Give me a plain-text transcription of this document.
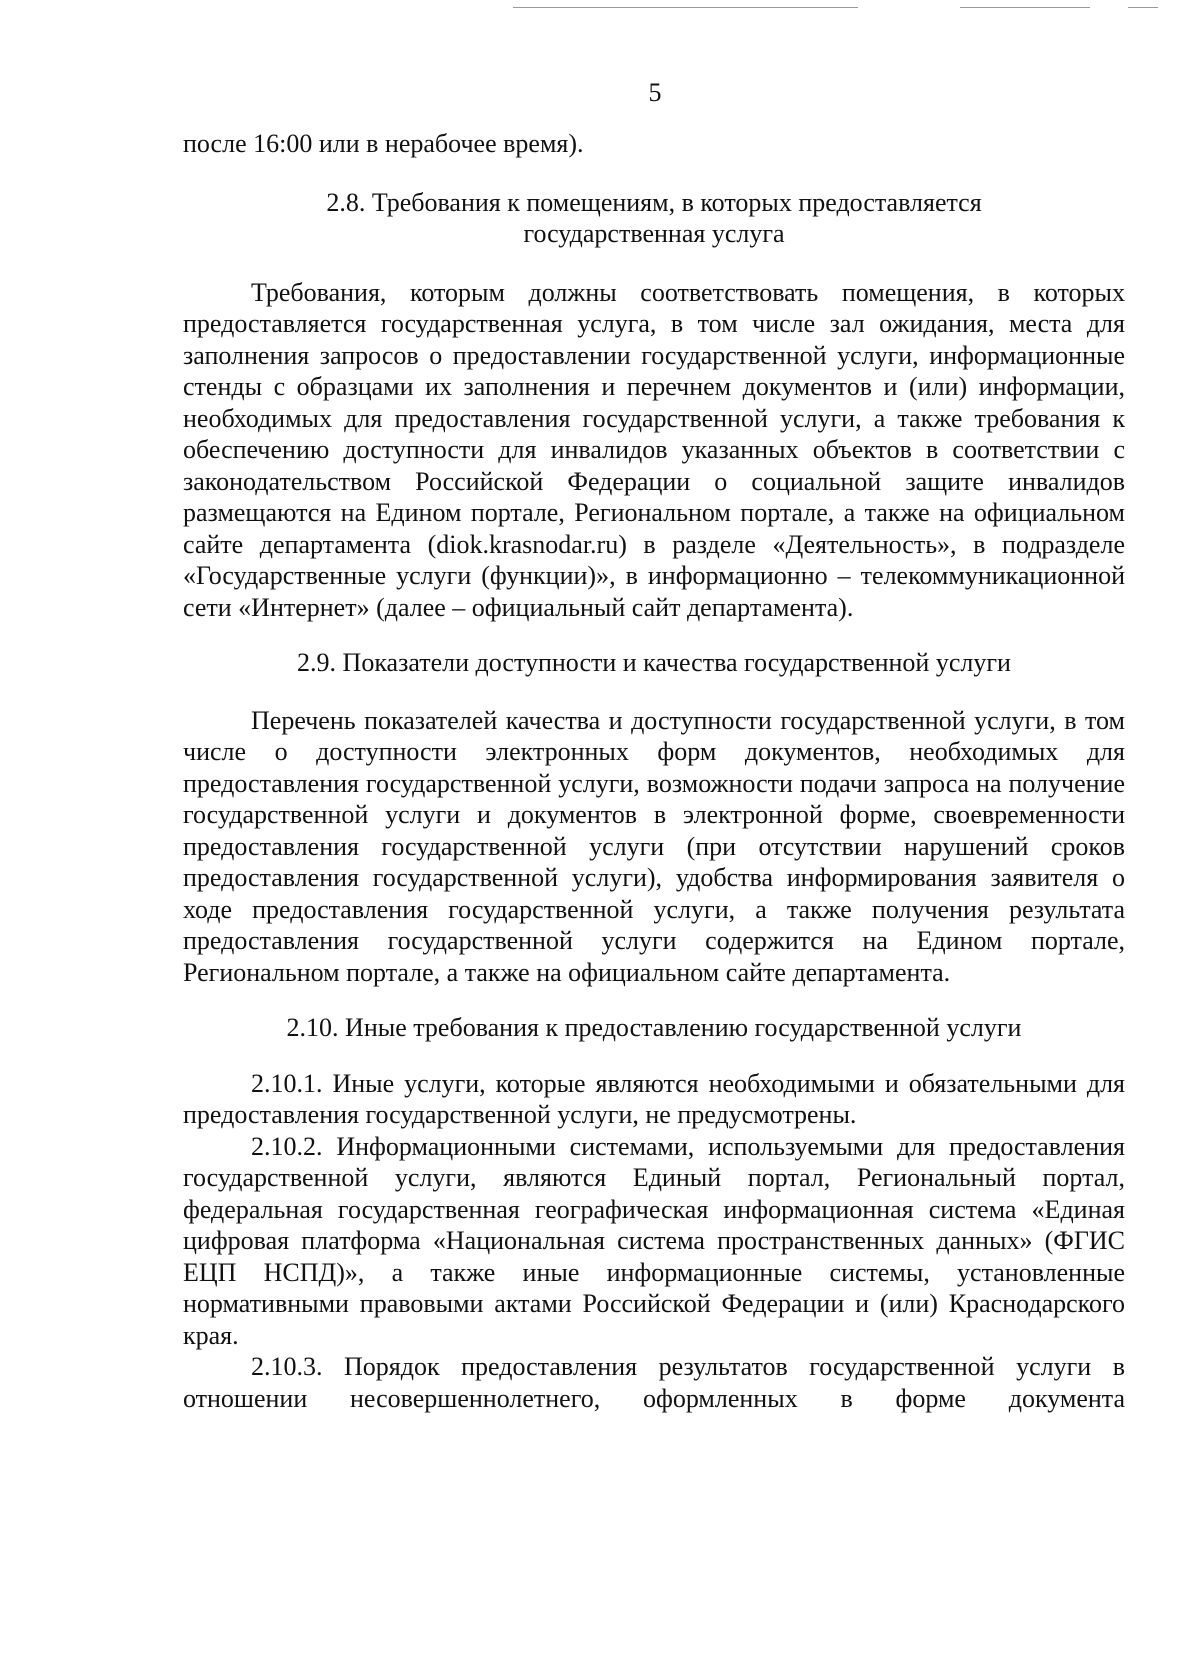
5

после 16:00 или в нерабочее время).

2.8. Требования к помещениям, в которых предоставляется
государственная услуга

Требования, которым должны соответствовать помещения, в которых предоставляется государственная услуга, в том числе зал ожидания, места для заполнения запросов о предоставлении государственной услуги, информационные стенды с образцами их заполнения и перечнем документов и (или) информации, необходимых для предоставления государственной услуги, а также требования к обеспечению доступности для инвалидов указанных объектов в соответствии с законодательством Российской Федерации о социальной защите инвалидов размещаются на Едином портале, Региональном портале, а также на официальном сайте департамента (diok.krasnodar.ru) в разделе «Деятельность», в подразделе «Государственные услуги (функции)», в информационно – телекоммуникационной сети «Интернет» (далее – официальный сайт департамента).

2.9. Показатели доступности и качества государственной услуги

Перечень показателей качества и доступности государственной услуги, в том числе о доступности электронных форм документов, необходимых для предоставления государственной услуги, возможности подачи запроса на получение государственной услуги и документов в электронной форме, своевременности предоставления государственной услуги (при отсутствии нарушений сроков предоставления государственной услуги), удобства информирования заявителя о ходе предоставления государственной услуги, а также получения результата предоставления государственной услуги содержится на Едином портале, Региональном портале, а также на официальном сайте департамента.

2.10. Иные требования к предоставлению государственной услуги

2.10.1. Иные услуги, которые являются необходимыми и обязательными для предоставления государственной услуги, не предусмотрены.

2.10.2. Информационными системами, используемыми для предоставления государственной услуги, являются Единый портал, Региональный портал, федеральная государственная географическая информационная система «Единая цифровая платформа «Национальная система пространственных данных» (ФГИС ЕЦП НСПД)», а также иные информационные системы, установленные нормативными правовыми актами Российской Федерации и (или) Краснодарского края.

2.10.3. Порядок предоставления результатов государственной услуги в отношении несовершеннолетнего, оформленных в форме документа
